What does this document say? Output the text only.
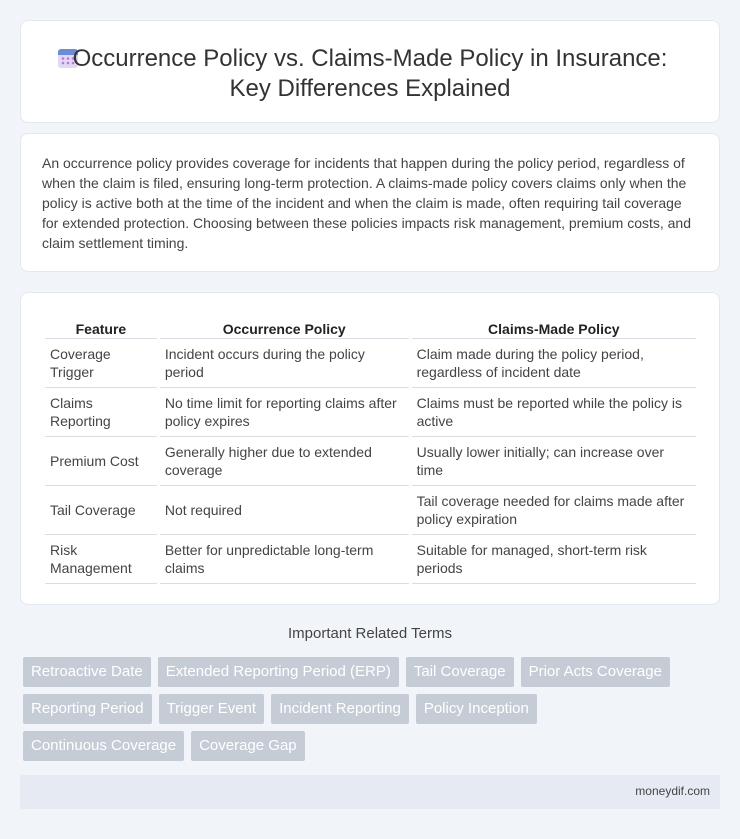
Occurrence Policy vs. Claims-Made Policy in Insurance:
Key Differences Explained

An occurrence policy provides coverage for incidents that happen during the policy period, regardless of when the claim is filed, ensuring long-term protection. A claims-made policy covers claims only when the policy is active both at the time of the incident and when the claim is made, often requiring tail coverage for extended protection. Choosing between these policies impacts risk management, premium costs, and claim settlement timing.

Feature	Occurrence Policy	Claims-Made Policy
Coverage Trigger	Incident occurs during the policy period	Claim made during the policy period, regardless of incident date
Claims Reporting	No time limit for reporting claims after policy expires	Claims must be reported while the policy is active
Premium Cost	Generally higher due to extended coverage	Usually lower initially; can increase over time
Tail Coverage	Not required	Tail coverage needed for claims made after policy expiration
Risk Management	Better for unpredictable long-term claims	Suitable for managed, short-term risk periods
Important Related Terms
Retroactive Date	Extended Reporting Period (ERP)	Tail Coverage	Prior Acts Coverage
Reporting Period	Trigger Event	Incident Reporting	Policy Inception
Continuous Coverage	Coverage Gap
moneydif.com
